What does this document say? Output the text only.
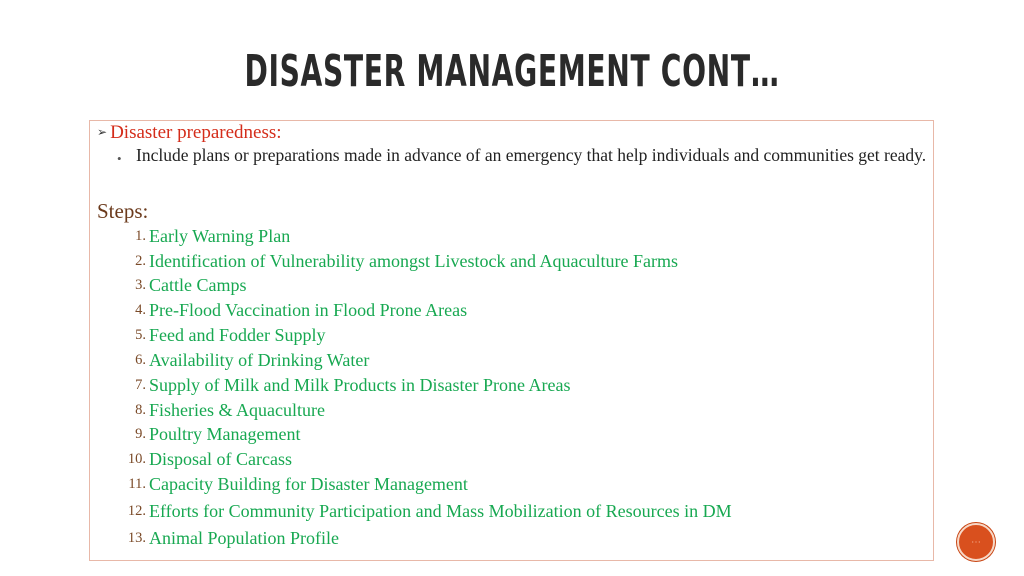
DISASTER MANAGEMENT CONT…
➢ Disaster preparedness:
• Include plans or preparations made in advance of an emergency that help individuals and communities get ready.
Steps:
1. Early Warning Plan
2. Identification of Vulnerability amongst Livestock and Aquaculture Farms
3. Cattle Camps
4. Pre-Flood Vaccination in Flood Prone Areas
5. Feed and Fodder Supply
6. Availability of Drinking Water
7. Supply of Milk and Milk Products in Disaster Prone Areas
8. Fisheries & Aquaculture
9. Poultry Management
10. Disposal of Carcass
11. Capacity Building for Disaster Management
12. Efforts for Community Participation and Mass Mobilization of Resources in DM
13. Animal Population Profile	⋯
